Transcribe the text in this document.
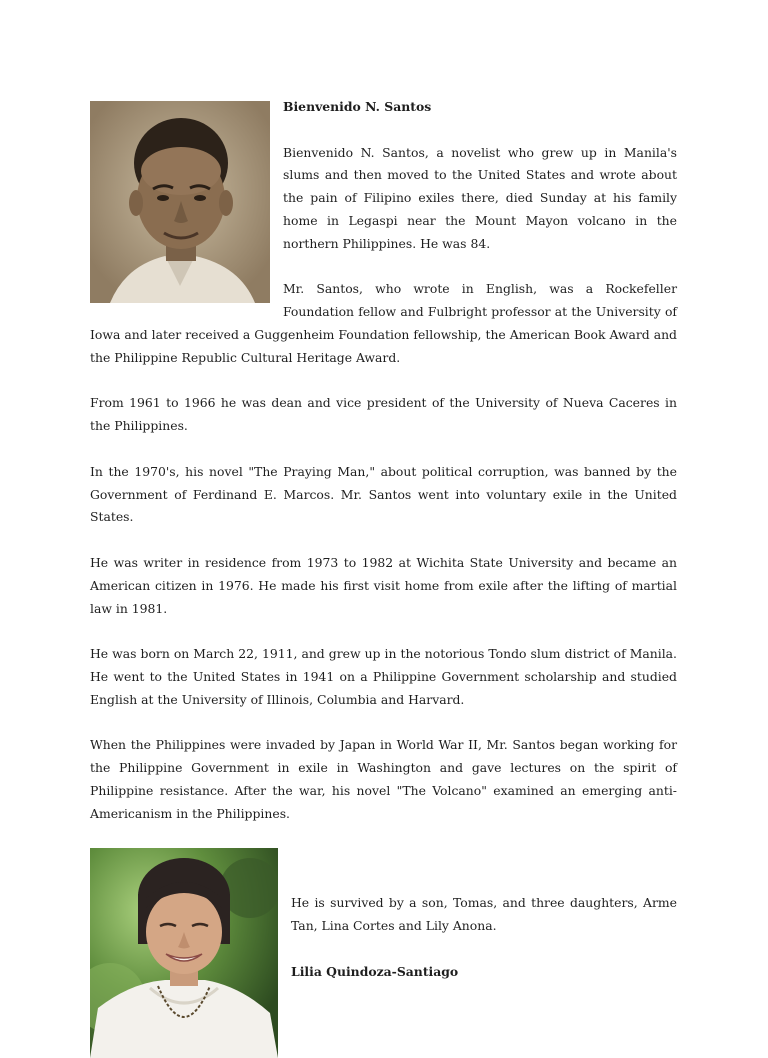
Bienvenido N. Santos

Bienvenido N. Santos, a novelist who grew up in Manila's slums and then moved to the United States and wrote about the pain of Filipino exiles there, died Sunday at his family home in Legaspi near the Mount Mayon volcano in the northern Philippines. He was 84.

Mr. Santos, who wrote in English, was a Rockefeller Foundation fellow and Fulbright professor at the University of Iowa and later received a Guggenheim Foundation fellowship, the American Book Award and the Philippine Republic Cultural Heritage Award.

From 1961 to 1966 he was dean and vice president of the University of Nueva Caceres in the Philippines.

In the 1970's, his novel "The Praying Man," about political corruption, was banned by the Government of Ferdinand E. Marcos. Mr. Santos went into voluntary exile in the United States.

He was writer in residence from 1973 to 1982 at Wichita State University and became an American citizen in 1976. He made his first visit home from exile after the lifting of martial law in 1981.

He was born on March 22, 1911, and grew up in the notorious Tondo slum district of Manila. He went to the United States in 1941 on a Philippine Government scholarship and studied English at the University of Illinois, Columbia and Harvard.

When the Philippines were invaded by Japan in World War II, Mr. Santos began working for the Philippine Government in exile in Washington and gave lectures on the spirit of Philippine resistance. After the war, his novel "The Volcano" examined an emerging anti-Americanism in the Philippines.

He is survived by a son, Tomas, and three daughters, Arme Tan, Lina Cortes and Lily Anona.

Lilia Quindoza-Santiago
